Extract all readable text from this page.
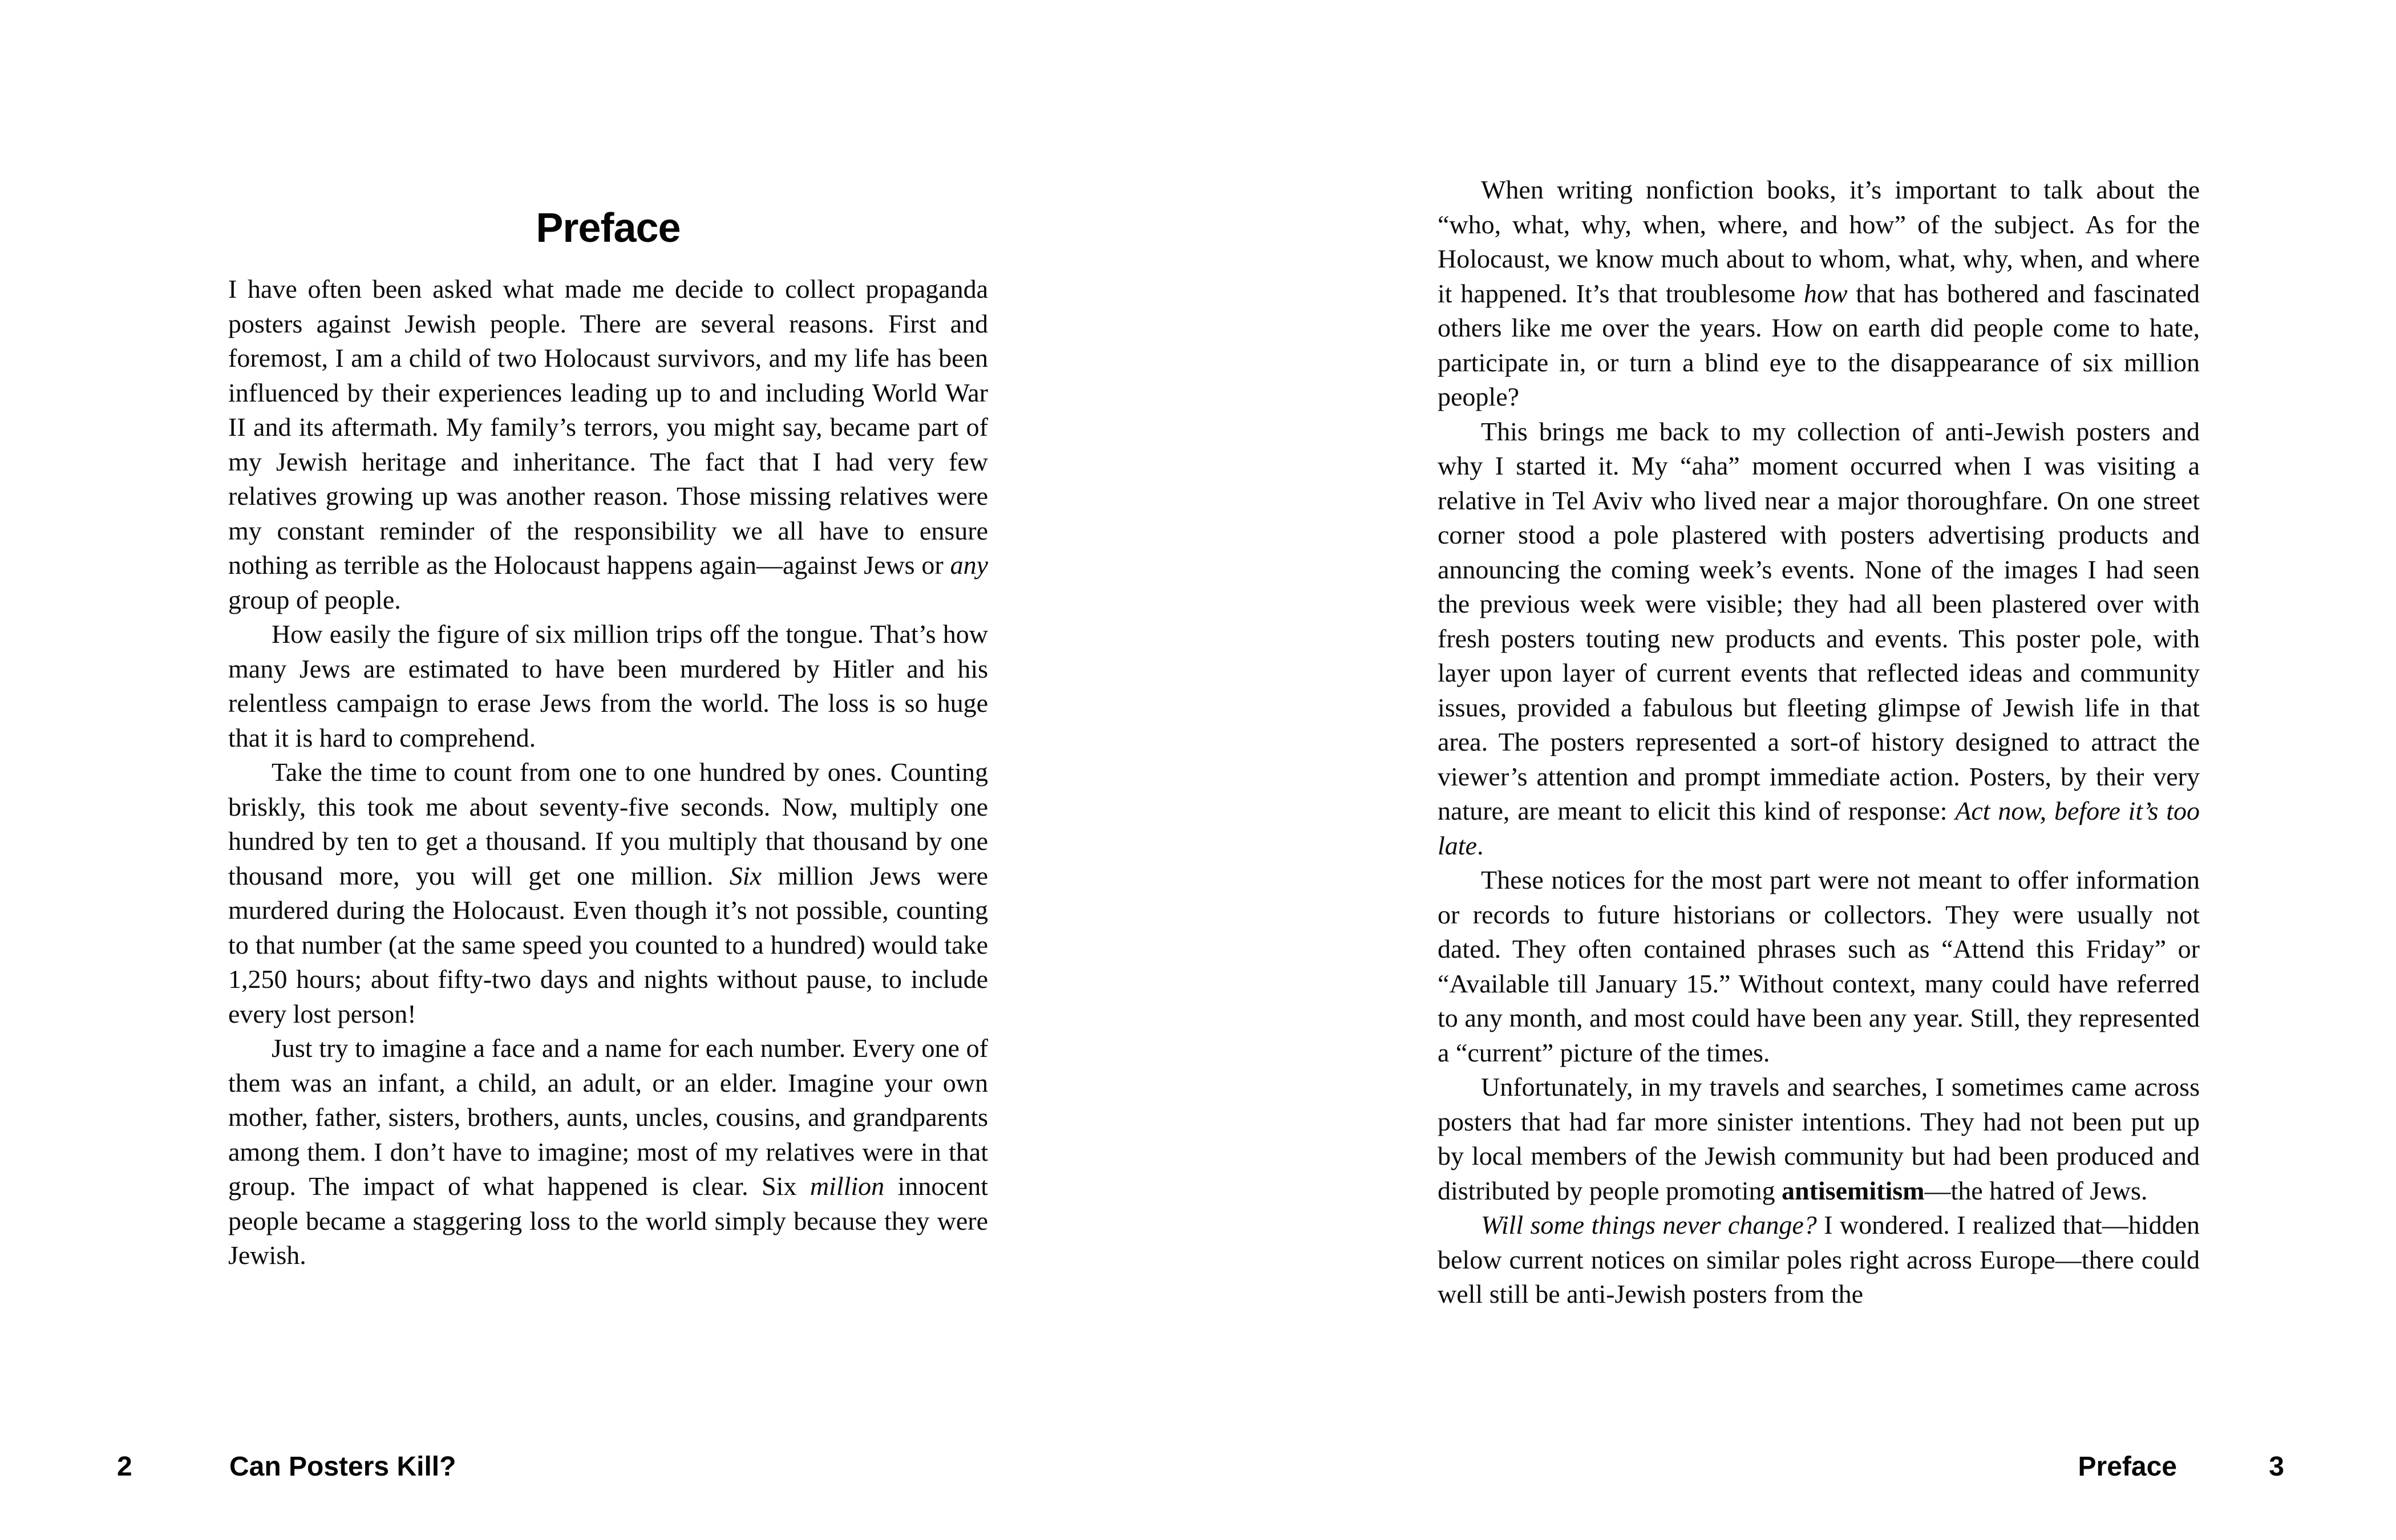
Preface

I have often been asked what made me decide to collect propaganda posters against Jewish people. There are several reasons. First and foremost, I am a child of two Holocaust survivors, and my life has been influenced by their experiences leading up to and including World War II and its aftermath. My family’s terrors, you might say, became part of my Jewish heritage and inheritance. The fact that I had very few relatives growing up was another reason. Those missing relatives were my constant reminder of the responsibility we all have to ensure nothing as terrible as the Holocaust happens again—against Jews or any group of people.

How easily the figure of six million trips off the tongue. That’s how many Jews are estimated to have been murdered by Hitler and his relentless campaign to erase Jews from the world. The loss is so huge that it is hard to comprehend.

Take the time to count from one to one hundred by ones. Counting briskly, this took me about seventy-five seconds. Now, multiply one hundred by ten to get a thousand. If you multiply that thousand by one thousand more, you will get one million. Six million Jews were murdered during the Holocaust. Even though it’s not possible, counting to that number (at the same speed you counted to a hundred) would take 1,250 hours; about fifty-two days and nights without pause, to include every lost person!

Just try to imagine a face and a name for each number. Every one of them was an infant, a child, an adult, or an elder. Imagine your own mother, father, sisters, brothers, aunts, uncles, cousins, and grandparents among them. I don’t have to imagine; most of my relatives were in that group. The impact of what happened is clear. Six million innocent people became a staggering loss to the world simply because they were Jewish.

When writing nonfiction books, it’s important to talk about the “who, what, why, when, where, and how” of the subject. As for the Holocaust, we know much about to whom, what, why, when, and where it happened. It’s that troublesome how that has bothered and fascinated others like me over the years. How on earth did people come to hate, participate in, or turn a blind eye to the disappearance of six million people?

This brings me back to my collection of anti-Jewish posters and why I started it. My “aha” moment occurred when I was visiting a relative in Tel Aviv who lived near a major thoroughfare. On one street corner stood a pole plastered with posters advertising products and announcing the coming week’s events. None of the images I had seen the previous week were visible; they had all been plastered over with fresh posters touting new products and events. This poster pole, with layer upon layer of current events that reflected ideas and community issues, provided a fabulous but fleeting glimpse of Jewish life in that area. The posters represented a sort-of history designed to attract the viewer’s attention and prompt immediate action. Posters, by their very nature, are meant to elicit this kind of response: Act now, before it’s too late.

These notices for the most part were not meant to offer information or records to future historians or collectors. They were usually not dated. They often contained phrases such as “Attend this Friday” or “Available till January 15.” Without context, many could have referred to any month, and most could have been any year. Still, they represented a “current” picture of the times.

Unfortunately, in my travels and searches, I sometimes came across posters that had far more sinister intentions. They had not been put up by local members of the Jewish community but had been produced and distributed by people promoting antisemitism—the hatred of Jews.

Will some things never change? I wondered. I realized that—hidden below current notices on similar poles right across Europe—there could well still be anti-Jewish posters from the

2	Can Posters Kill?	Preface	3
